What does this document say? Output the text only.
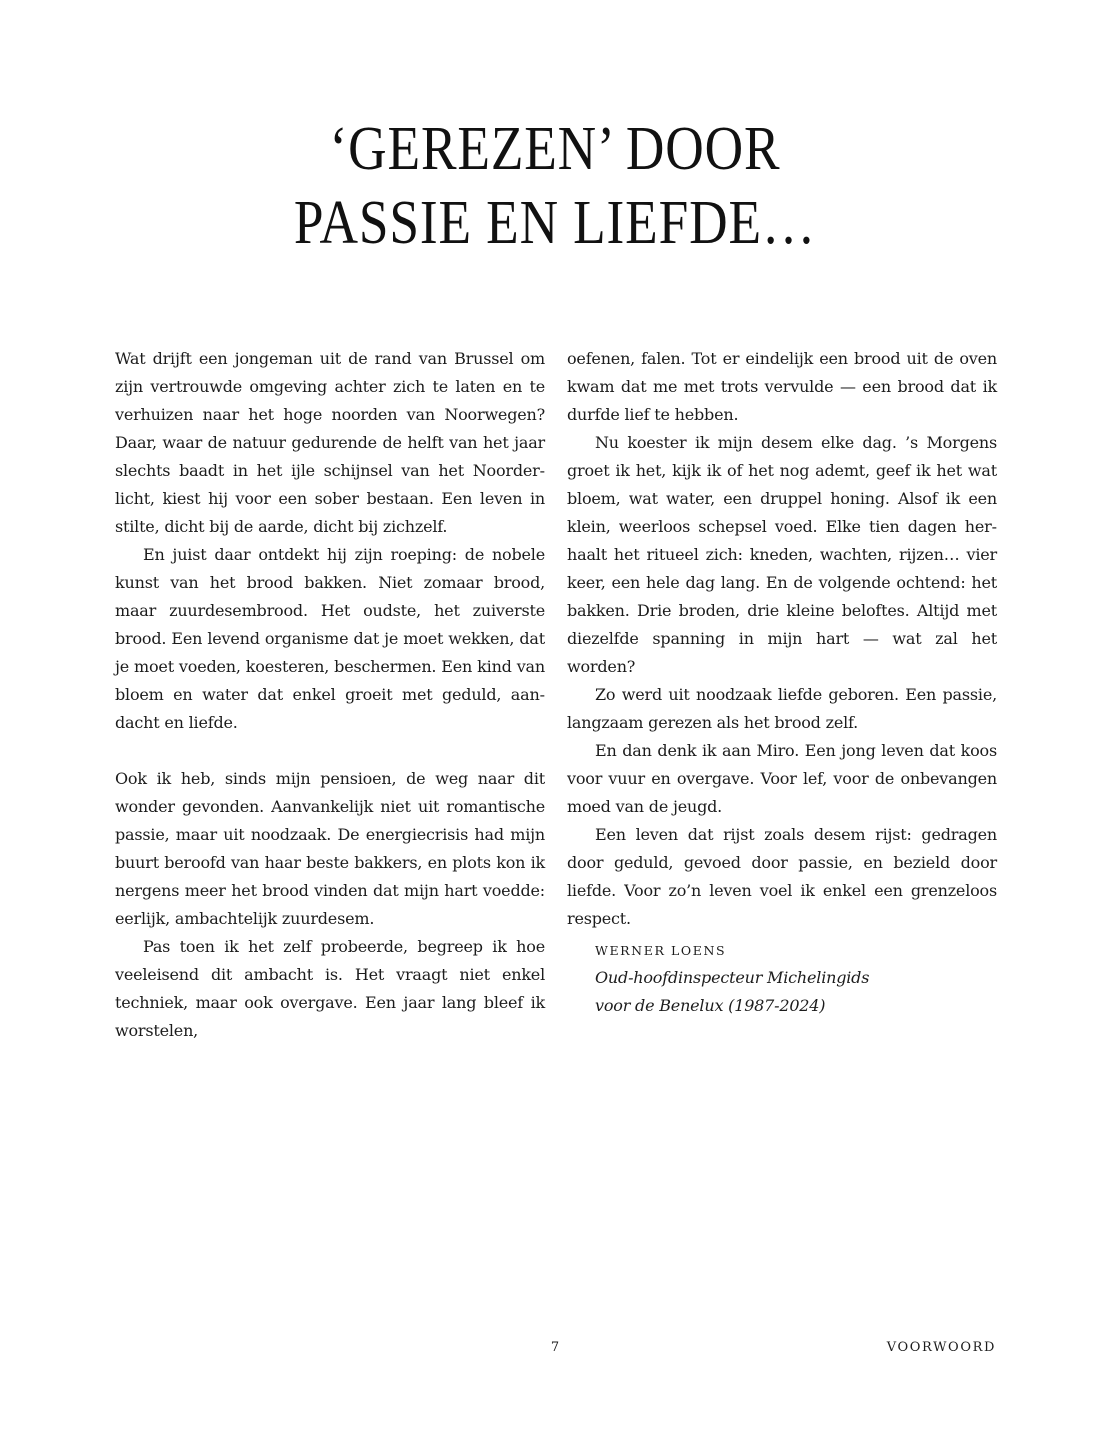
‘GEREZEN’ DOOR
PASSIE EN LIEFDE…

Wat drijft een jongeman uit de rand van Brussel om zijn vertrouwde omgeving achter zich te laten en te verhuizen naar het hoge noorden van Noorwegen? Daar, waar de natuur gedurende de helft van het jaar slechts baadt in het ijle schijnsel van het Noorderlicht, kiest hij voor een sober bestaan. Een leven in stilte, dicht bij de aarde, dicht bij zichzelf.

En juist daar ontdekt hij zijn roeping: de nobele kunst van het brood bakken. Niet zomaar brood, maar zuurdesembrood. Het oudste, het zuiverste brood. Een levend organisme dat je moet wekken, dat je moet voeden, koesteren, beschermen. Een kind van bloem en water dat enkel groeit met geduld, aandacht en liefde.

Ook ik heb, sinds mijn pensioen, de weg naar dit wonder gevonden. Aanvankelijk niet uit romantische passie, maar uit noodzaak. De energiecrisis had mijn buurt beroofd van haar beste bakkers, en plots kon ik nergens meer het brood vinden dat mijn hart voedde: eerlijk, ambachtelijk zuurdesem.

Pas toen ik het zelf probeerde, begreep ik hoe veeleisend dit ambacht is. Het vraagt niet enkel techniek, maar ook overgave. Een jaar lang bleef ik worstelen,

oefenen, falen. Tot er eindelijk een brood uit de oven kwam dat me met trots vervulde — een brood dat ik durfde lief te hebben.

Nu koester ik mijn desem elke dag. ’s Morgens groet ik het, kijk ik of het nog ademt, geef ik het wat bloem, wat water, een druppel honing. Alsof ik een klein, weerloos schepsel voed. Elke tien dagen herhaalt het ritueel zich: kneden, wachten, rijzen… vier keer, een hele dag lang. En de volgende ochtend: het bakken. Drie broden, drie kleine beloftes. Altijd met diezelfde spanning in mijn hart — wat zal het worden?

Zo werd uit noodzaak liefde geboren. Een passie, langzaam gerezen als het brood zelf.

En dan denk ik aan Miro. Een jong leven dat koos voor vuur en overgave. Voor lef, voor de onbevangen moed van de jeugd.

Een leven dat rijst zoals desem rijst: gedragen door geduld, gevoed door passie, en bezield door liefde. Voor zo’n leven voel ik enkel een grenzeloos respect.

WERNER LOENS
Oud-hoofdinspecteur Michelingids
voor de Benelux (1987-2024)
7	VOORWOORD
